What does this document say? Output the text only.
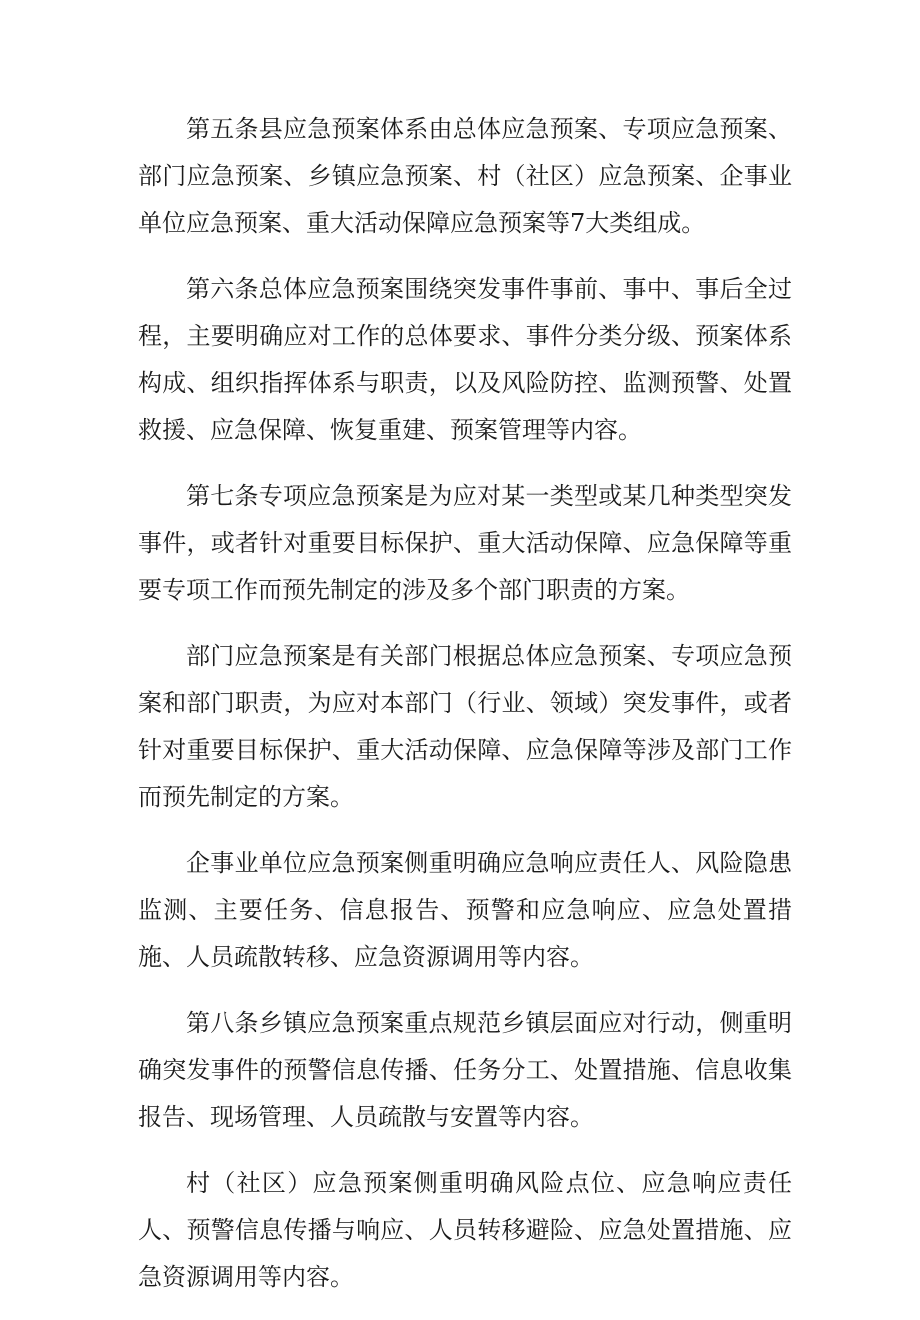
第五条县应急预案体系由总体应急预案、专项应急预案、部门应急预案、乡镇应急预案、村（社区）应急预案、企事业单位应急预案、重大活动保障应急预案等7大类组成。

第六条总体应急预案围绕突发事件事前、事中、事后全过程，主要明确应对工作的总体要求、事件分类分级、预案体系构成、组织指挥体系与职责，以及风险防控、监测预警、处置救援、应急保障、恢复重建、预案管理等内容。

第七条专项应急预案是为应对某一类型或某几种类型突发事件，或者针对重要目标保护、重大活动保障、应急保障等重要专项工作而预先制定的涉及多个部门职责的方案。

部门应急预案是有关部门根据总体应急预案、专项应急预案和部门职责，为应对本部门（行业、领域）突发事件，或者针对重要目标保护、重大活动保障、应急保障等涉及部门工作而预先制定的方案。

企事业单位应急预案侧重明确应急响应责任人、风险隐患监测、主要任务、信息报告、预警和应急响应、应急处置措施、人员疏散转移、应急资源调用等内容。

第八条乡镇应急预案重点规范乡镇层面应对行动，侧重明确突发事件的预警信息传播、任务分工、处置措施、信息收集报告、现场管理、人员疏散与安置等内容。

村（社区）应急预案侧重明确风险点位、应急响应责任人、预警信息传播与响应、人员转移避险、应急处置措施、应急资源调用等内容。
